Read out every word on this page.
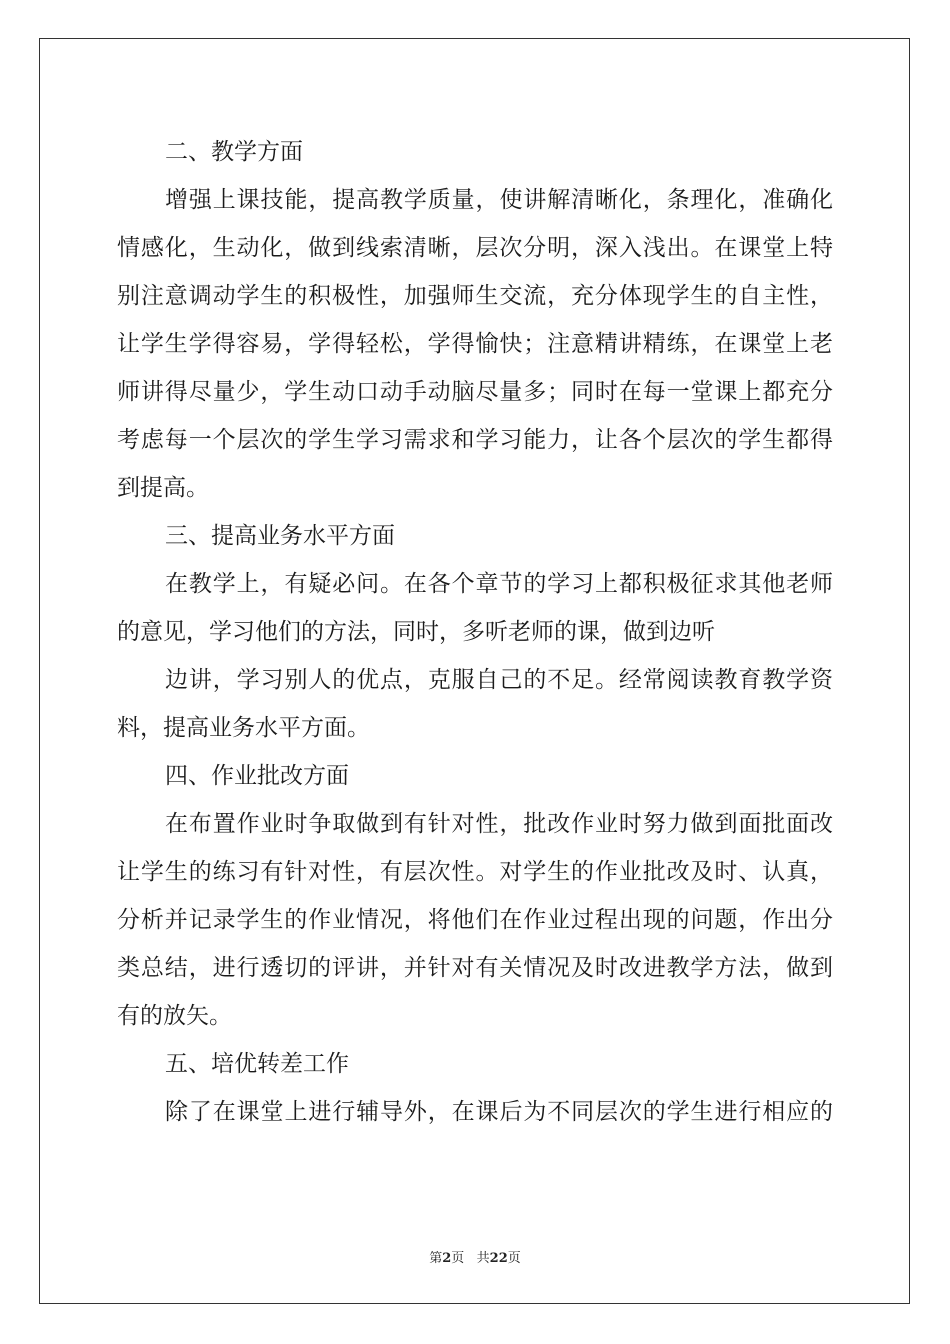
二、教学方面
增强上课技能，提高教学质量，使讲解清晰化，条理化，准确化
情感化，生动化，做到线索清晰，层次分明，深入浅出。在课堂上特
别注意调动学生的积极性，加强师生交流，充分体现学生的自主性，
让学生学得容易，学得轻松，学得愉快；注意精讲精练，在课堂上老
师讲得尽量少，学生动口动手动脑尽量多；同时在每一堂课上都充分
考虑每一个层次的学生学习需求和学习能力，让各个层次的学生都得
到提高。
三、提高业务水平方面
在教学上，有疑必问。在各个章节的学习上都积极征求其他老师
的意见，学习他们的方法，同时，多听老师的课，做到边听
边讲，学习别人的优点，克服自己的不足。经常阅读教育教学资
料，提高业务水平方面。
四、作业批改方面
在布置作业时争取做到有针对性，批改作业时努力做到面批面改
让学生的练习有针对性，有层次性。对学生的作业批改及时、认真，
分析并记录学生的作业情况，将他们在作业过程出现的问题，作出分
类总结，进行透切的评讲，并针对有关情况及时改进教学方法，做到
有的放矢。
五、培优转差工作
除了在课堂上进行辅导外，在课后为不同层次的学生进行相应的
第2页   共22页
